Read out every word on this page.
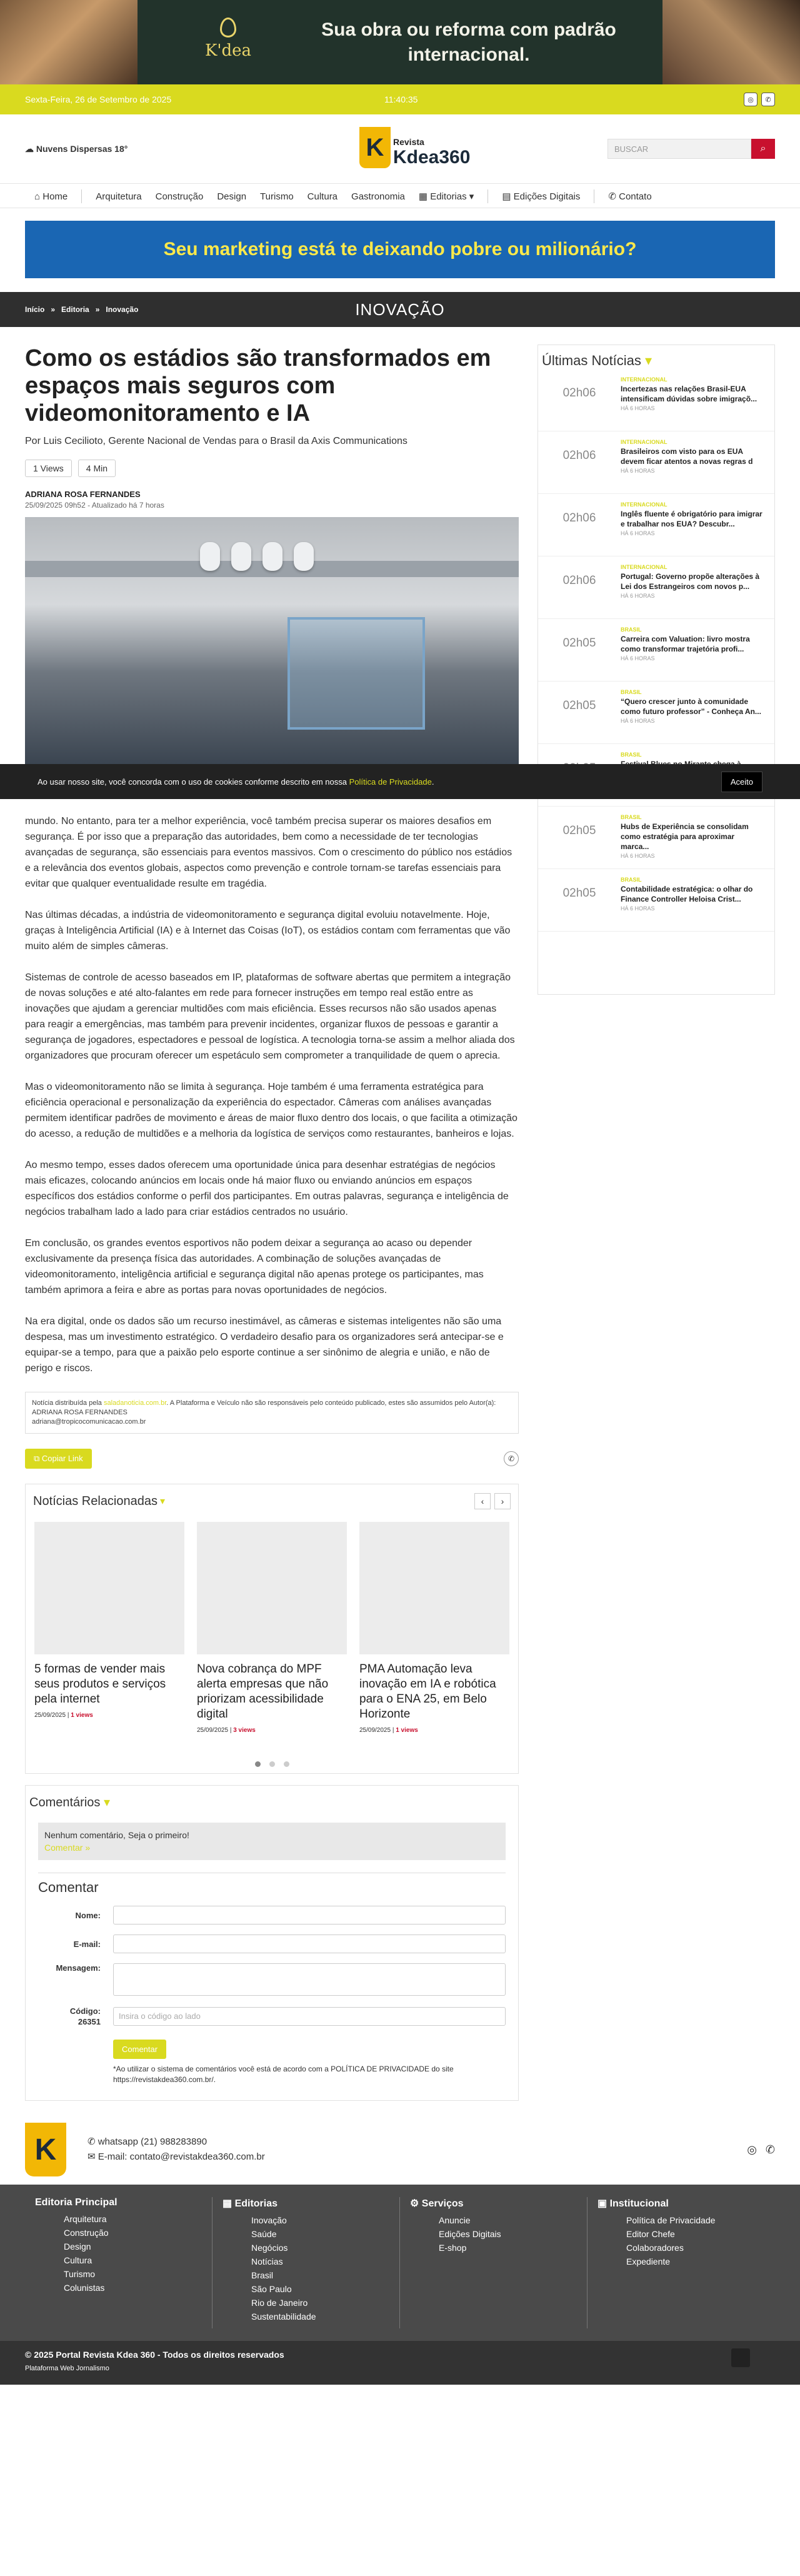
K'dea
Sua obra ou reforma com padrão internacional.
Sexta-Feira, 26 de Setembro de 2025	11:40:35	◎	✆
☁ Nuvens Dispersas 18°	K	Revista
Kdea360	BUSCAR	⌕
⌂ Home	Arquitetura Construção Design Turismo Cultura Gastronomia ▦ Editorias ▾	▤ Edições Digitais	✆ Contato
Seu marketing está te deixando pobre ou milionário?
Início » Editoria » Inovação	INOVAÇÃO
Ao usar nosso site, você concorda com o uso de cookies conforme descrito em nossa Política de Privacidade.	Aceito
Como os estádios são transformados em espaços mais seguros com videomonitoramento e IA
Por Luis Cecilioto, Gerente Nacional de Vendas para o Brasil da Axis Communications
1 Views	4 Min
ADRIANA ROSA FERNANDES
25/09/2025 09h52 - Atualizado há 7 horas

mundo. No entanto, para ter a melhor experiência, você também precisa superar os maiores desafios em segurança. É por isso que a preparação das autoridades, bem como a necessidade de ter tecnologias avançadas de segurança, são essenciais para eventos massivos. Com o crescimento do público nos estádios e a relevância dos eventos globais, aspectos como prevenção e controle tornam-se tarefas essenciais para evitar que qualquer eventualidade resulte em tragédia.

Nas últimas décadas, a indústria de videomonitoramento e segurança digital evoluiu notavelmente. Hoje, graças à Inteligência Artificial (IA) e à Internet das Coisas (IoT), os estádios contam com ferramentas que vão muito além de simples câmeras.

Sistemas de controle de acesso baseados em IP, plataformas de software abertas que permitem a integração de novas soluções e até alto-falantes em rede para fornecer instruções em tempo real estão entre as inovações que ajudam a gerenciar multidões com mais eficiência. Esses recursos não são usados apenas para reagir a emergências, mas também para prevenir incidentes, organizar fluxos de pessoas e garantir a segurança de jogadores, espectadores e pessoal de logística. A tecnologia torna-se assim a melhor aliada dos organizadores que procuram oferecer um espetáculo sem comprometer a tranquilidade de quem o aprecia.

Mas o videomonitoramento não se limita à segurança. Hoje também é uma ferramenta estratégica para eficiência operacional e personalização da experiência do espectador. Câmeras com análises avançadas permitem identificar padrões de movimento e áreas de maior fluxo dentro dos locais, o que facilita a otimização do acesso, a redução de multidões e a melhoria da logística de serviços como restaurantes, banheiros e lojas.

Ao mesmo tempo, esses dados oferecem uma oportunidade única para desenhar estratégias de negócios mais eficazes, colocando anúncios em locais onde há maior fluxo ou enviando anúncios em espaços específicos dos estádios conforme o perfil dos participantes. Em outras palavras, segurança e inteligência de negócios trabalham lado a lado para criar estádios centrados no usuário.

Em conclusão, os grandes eventos esportivos não podem deixar a segurança ao acaso ou depender exclusivamente da presença física das autoridades. A combinação de soluções avançadas de videomonitoramento, inteligência artificial e segurança digital não apenas protege os participantes, mas também aprimora a feira e abre as portas para novas oportunidades de negócios.

Na era digital, onde os dados são um recurso inestimável, as câmeras e sistemas inteligentes não são uma despesa, mas um investimento estratégico. O verdadeiro desafio para os organizadores será antecipar-se e equipar-se a tempo, para que a paixão pelo esporte continue a ser sinônimo de alegria e união, e não de perigo e riscos.

Notícia distribuída pela saladanoticia.com.br. A Plataforma e Veículo não são responsáveis pelo conteúdo publicado, estes são assumidos pelo Autor(a):
ADRIANA ROSA FERNANDES
adriana@tropicocomunicacao.com.br
⧉ Copiar Link	✆
Notícias Relacionadas ▾	‹	›
5 formas de vender mais seus produtos e serviços pela internet
25/09/2025 | 1 views
Nova cobrança do MPF alerta empresas que não priorizam acessibilidade digital
25/09/2025 | 3 views
PMA Automação leva inovação em IA e robótica para o ENA 25, em Belo Horizonte
25/09/2025 | 1 views
Comentários ▾
Nenhum comentário, Seja o primeiro!
Comentar »
Comentar
Nome:
E-mail:
Mensagem:
Código:
26351
Insira o código ao lado
Comentar
*Ao utilizar o sistema de comentários você está de acordo com a POLÍTICA DE PRIVACIDADE do site https://revistakdea360.com.br/.
Últimas Notícias ▾
02h06
INTERNACIONAL
Incertezas nas relações Brasil-EUA intensificam dúvidas sobre imigraçõ...
HÁ 6 HORAS
02h06
INTERNACIONAL
Brasileiros com visto para os EUA devem ficar atentos a novas regras d
HÁ 6 HORAS
02h06
INTERNACIONAL
Inglês fluente é obrigatório para imigrar e trabalhar nos EUA? Descubr...
HÁ 6 HORAS
02h06
INTERNACIONAL
Portugal: Governo propõe alterações à Lei dos Estrangeiros com novos p...
HÁ 6 HORAS
02h05
BRASIL
Carreira com Valuation: livro mostra como transformar trajetória profi...
HÁ 6 HORAS
02h05
BRASIL
“Quero crescer junto à comunidade como futuro professor” - Conheça An...
HÁ 6 HORAS
BRASIL
02h05
BRASIL
Hubs de Experiência se consolidam como estratégia para aproximar marca...
HÁ 6 HORAS
02h05
BRASIL
Contabilidade estratégica: o olhar do Finance Controller Heloisa Crist...
HÁ 6 HORAS
K	✆ whatsapp (21) 988283890
✉ E-mail: contato@revistakdea360.com.br
◎ ✆
Editoria Principal
Arquitetura
Construção
Design
Cultura
Turismo
Colunistas
▦ Editorias
Inovação
Saúde
Negócios
Notícias
Brasil
São Paulo
Rio de Janeiro
Sustentabilidade
⚙ Serviços
Anuncie
Edições Digitais
E-shop
▣ Institucional
Política de Privacidade
Editor Chefe
Colaboradores
Expediente
© 2025 Portal Revista Kdea 360 - Todos os direitos reservados
Plataforma Web Jornalismo
